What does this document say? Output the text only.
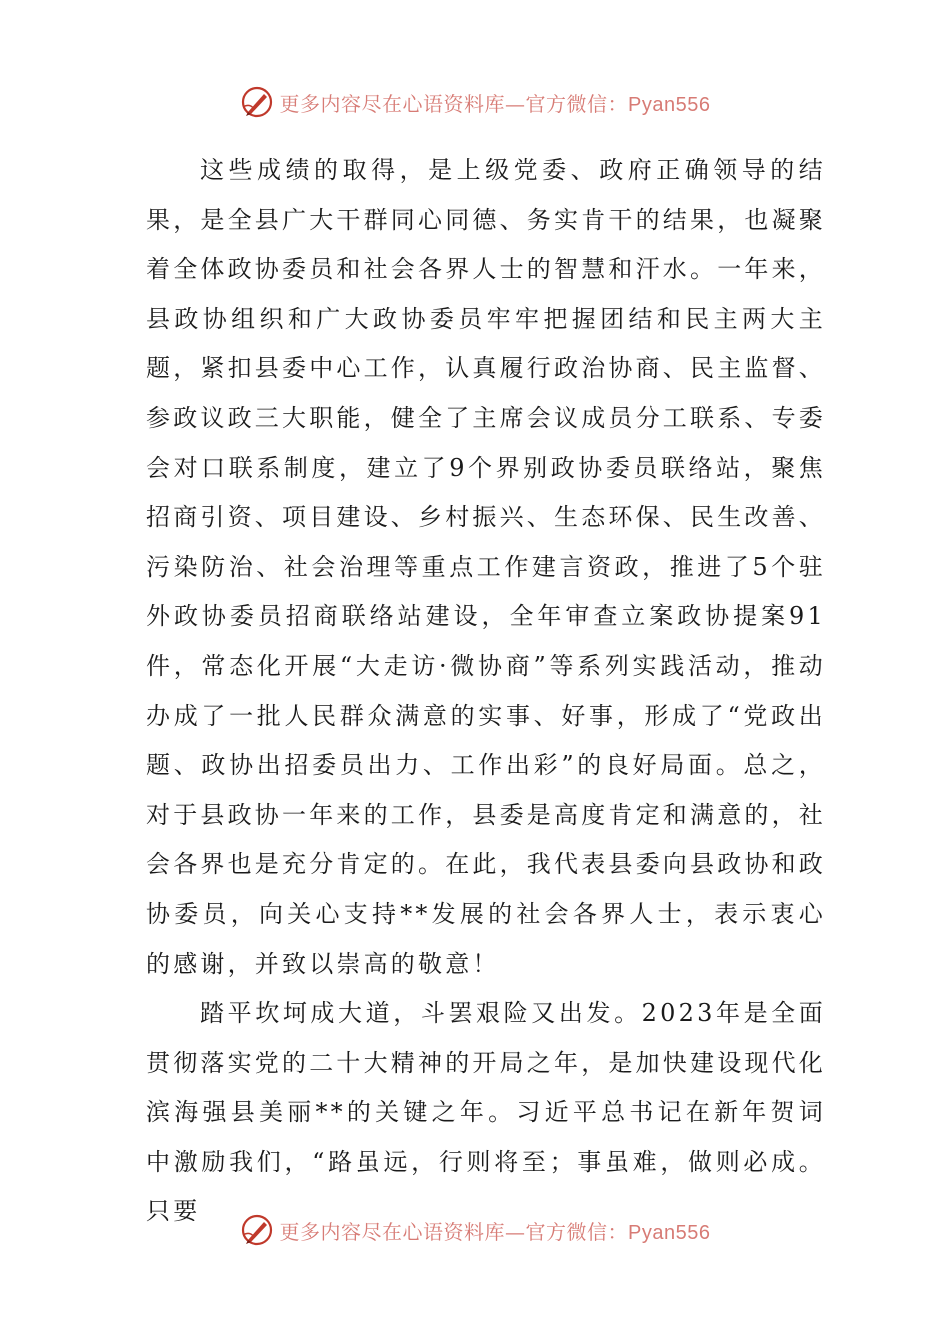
更多内容尽在心语资料库—官方微信：Pyan556

这些成绩的取得，是上级党委、政府正确领导的结果，是全县广大干群同心同德、务实肯干的结果，也凝聚着全体政协委员和社会各界人士的智慧和汗水。一年来，县政协组织和广大政协委员牢牢把握团结和民主两大主题，紧扣县委中心工作，认真履行政治协商、民主监督、参政议政三大职能，健全了主席会议成员分工联系、专委会对口联系制度，建立了9个界别政协委员联络站，聚焦招商引资、项目建设、乡村振兴、生态环保、民生改善、污染防治、社会治理等重点工作建言资政，推进了5个驻外政协委员招商联络站建设，全年审查立案政协提案91件，常态化开展“大走访·微协商”等系列实践活动，推动办成了一批人民群众满意的实事、好事，形成了“党政出题、政协出招委员出力、工作出彩”的良好局面。总之，对于县政协一年来的工作，县委是高度肯定和满意的，社会各界也是充分肯定的。在此，我代表县委向县政协和政协委员，向关心支持**发展的社会各界人士，表示衷心的感谢，并致以崇高的敬意！

踏平坎坷成大道，斗罢艰险又出发。2023年是全面贯彻落实党的二十大精神的开局之年，是加快建设现代化滨海强县美丽**的关键之年。习近平总书记在新年贺词中激励我们，“路虽远，行则将至；事虽难，做则必成。只要

更多内容尽在心语资料库—官方微信：Pyan556
